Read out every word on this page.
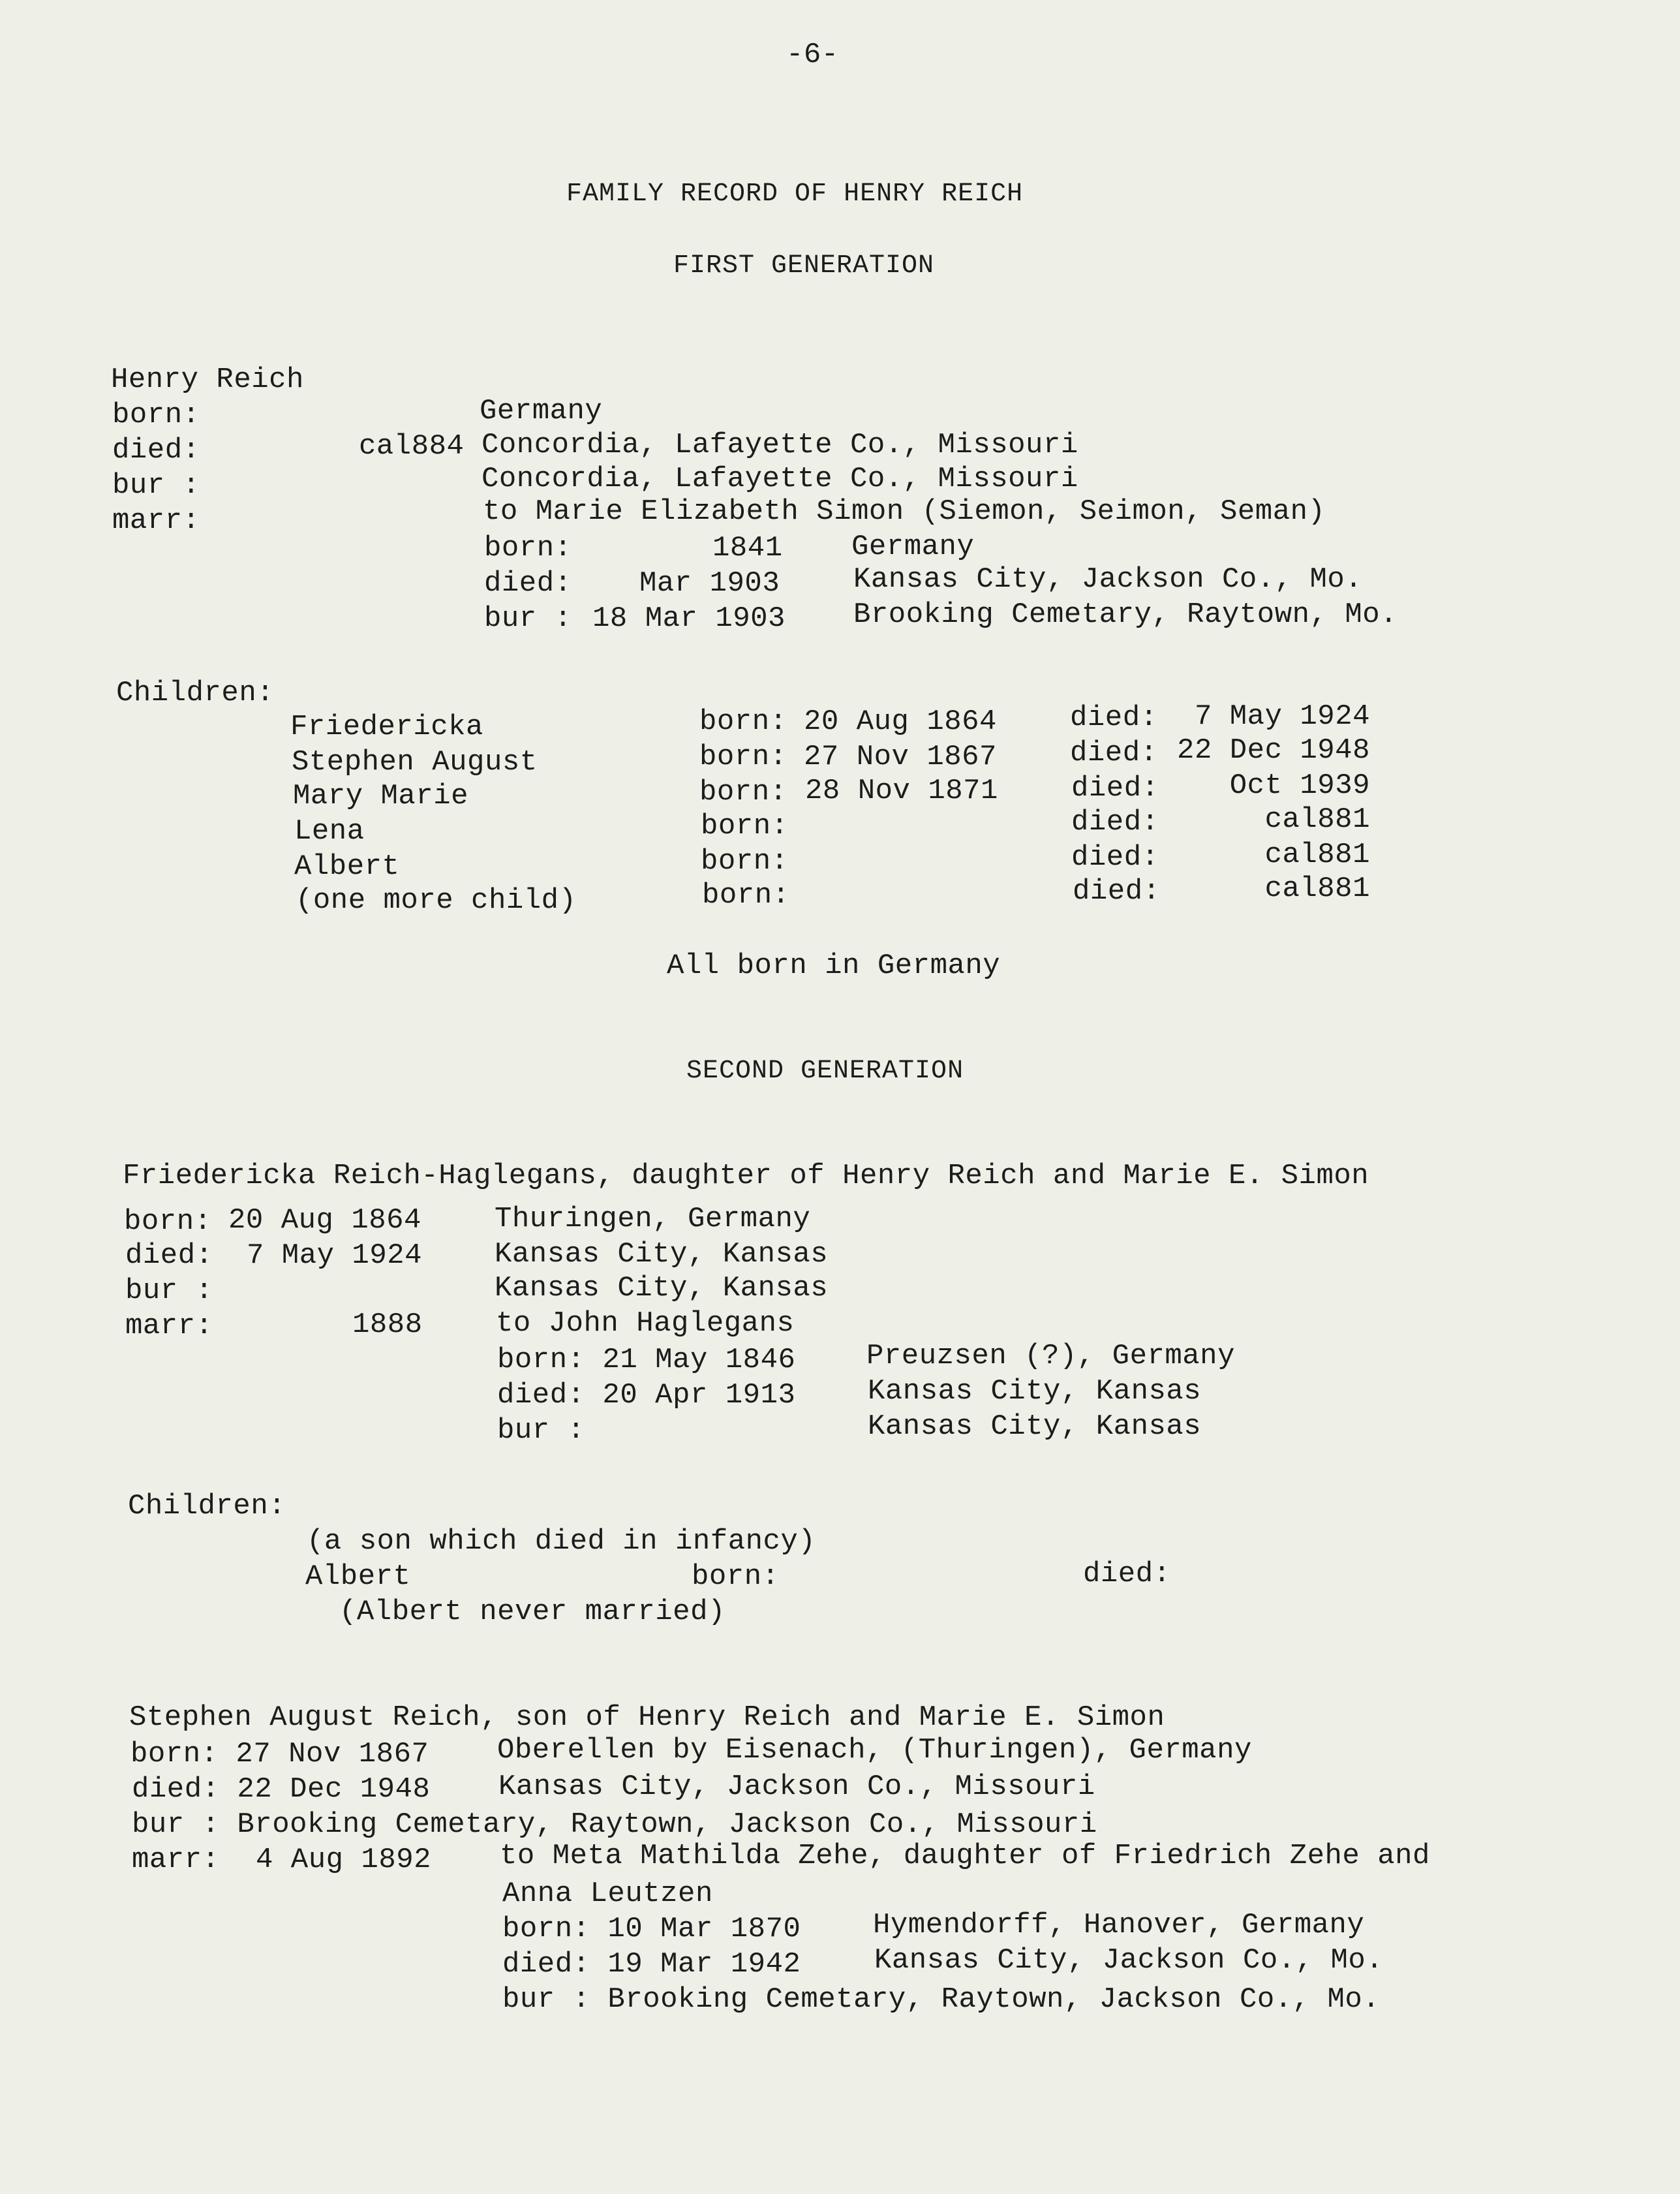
-6-
FAMILY RECORD OF HENRY REICH
FIRST GENERATION
Henry Reich
born:	Germany
died:	cal884 Concordia, Lafayette Co., Missouri
bur :	Concordia, Lafayette Co., Missouri
marr:	to Marie Elizabeth Simon (Siemon, Seimon, Seman)
born:	1841 Germany
died: Mar 1903	Kansas City, Jackson Co., Mo.
bur : 18 Mar 1903 Brooking Cemetary, Raytown, Mo.
Children:
Friedericka	born: 20 Aug 1864	died:	7 May 1924
Stephen August	born: 27 Nov 1867	died: 22 Dec 1948
Mary Marie	born: 28 Nov 1871	died:	Oct 1939
Lena	born:	died:	cal881
Albert	born:	died:	cal881
(one more child)	born:	died:	cal881
All born in Germany
SECOND GENERATION
Friedericka Reich-Haglegans, daughter of Henry Reich and Marie E. Simon
born: 20 Aug 1864	Thuringen, Germany
died: 7 May 1924	Kansas City, Kansas
bur :	Kansas City, Kansas
marr:	1888	to John Haglegans
born: 21 May 1846 Preuzsen (?), Germany
died: 20 Apr 1913	Kansas City, Kansas
bur :	Kansas City, Kansas
Children:
(a son which died in infancy)
Albert	born:	died:
(Albert never married)
Stephen August Reich, son of Henry Reich and Marie E. Simon
born: 27 Nov 1867 Oberellen by Eisenach, (Thuringen), Germany
died: 22 Dec 1948 Kansas City, Jackson Co., Missouri
bur : Brooking Cemetary, Raytown, Jackson Co., Missouri
marr: 4 Aug 1892 to Meta Mathilda Zehe, daughter of Friedrich Zehe and
Anna Leutzen
born: 10 Mar 1870	Hymendorff, Hanover, Germany
died: 19 Mar 1942	Kansas City, Jackson Co., Mo.
bur : Brooking Cemetary, Raytown, Jackson Co., Mo.
